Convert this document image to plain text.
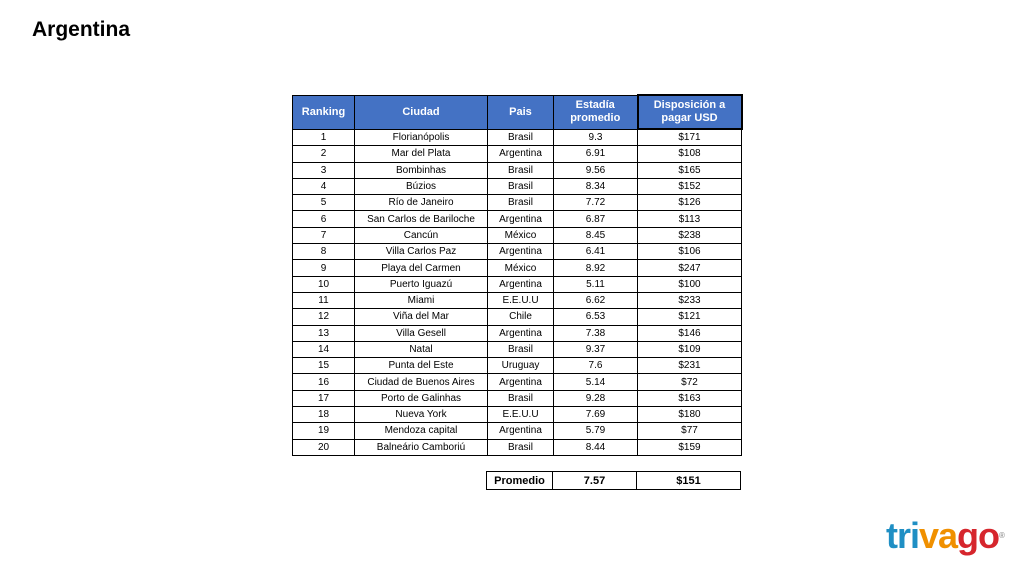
Argentina
Ranking	Ciudad	Pais	Estadía promedio	Disposición a pagar USD
1	Florianópolis	Brasil	9.3	$171
2	Mar del Plata	Argentina	6.91	$108
3	Bombinhas	Brasil	9.56	$165
4	Búzios	Brasil	8.34	$152
5	Río de Janeiro	Brasil	7.72	$126
6	San Carlos de Bariloche	Argentina	6.87	$113
7	Cancún	México	8.45	$238
8	Villa Carlos Paz	Argentina	6.41	$106
9	Playa del Carmen	México	8.92	$247
10	Puerto Iguazú	Argentina	5.11	$100
11	Miami	E.E.U.U	6.62	$233
12	Viña del Mar	Chile	6.53	$121
13	Villa Gesell	Argentina	7.38	$146
14	Natal	Brasil	9.37	$109
15	Punta del Este	Uruguay	7.6	$231
16	Ciudad de Buenos Aires	Argentina	5.14	$72
17	Porto de Galinhas	Brasil	9.28	$163
18	Nueva York	E.E.U.U	7.69	$180
19	Mendoza capital	Argentina	5.79	$77
20	Balneário Camboriú	Brasil	8.44	$159
Promedio	7.57	$151
trivago®
